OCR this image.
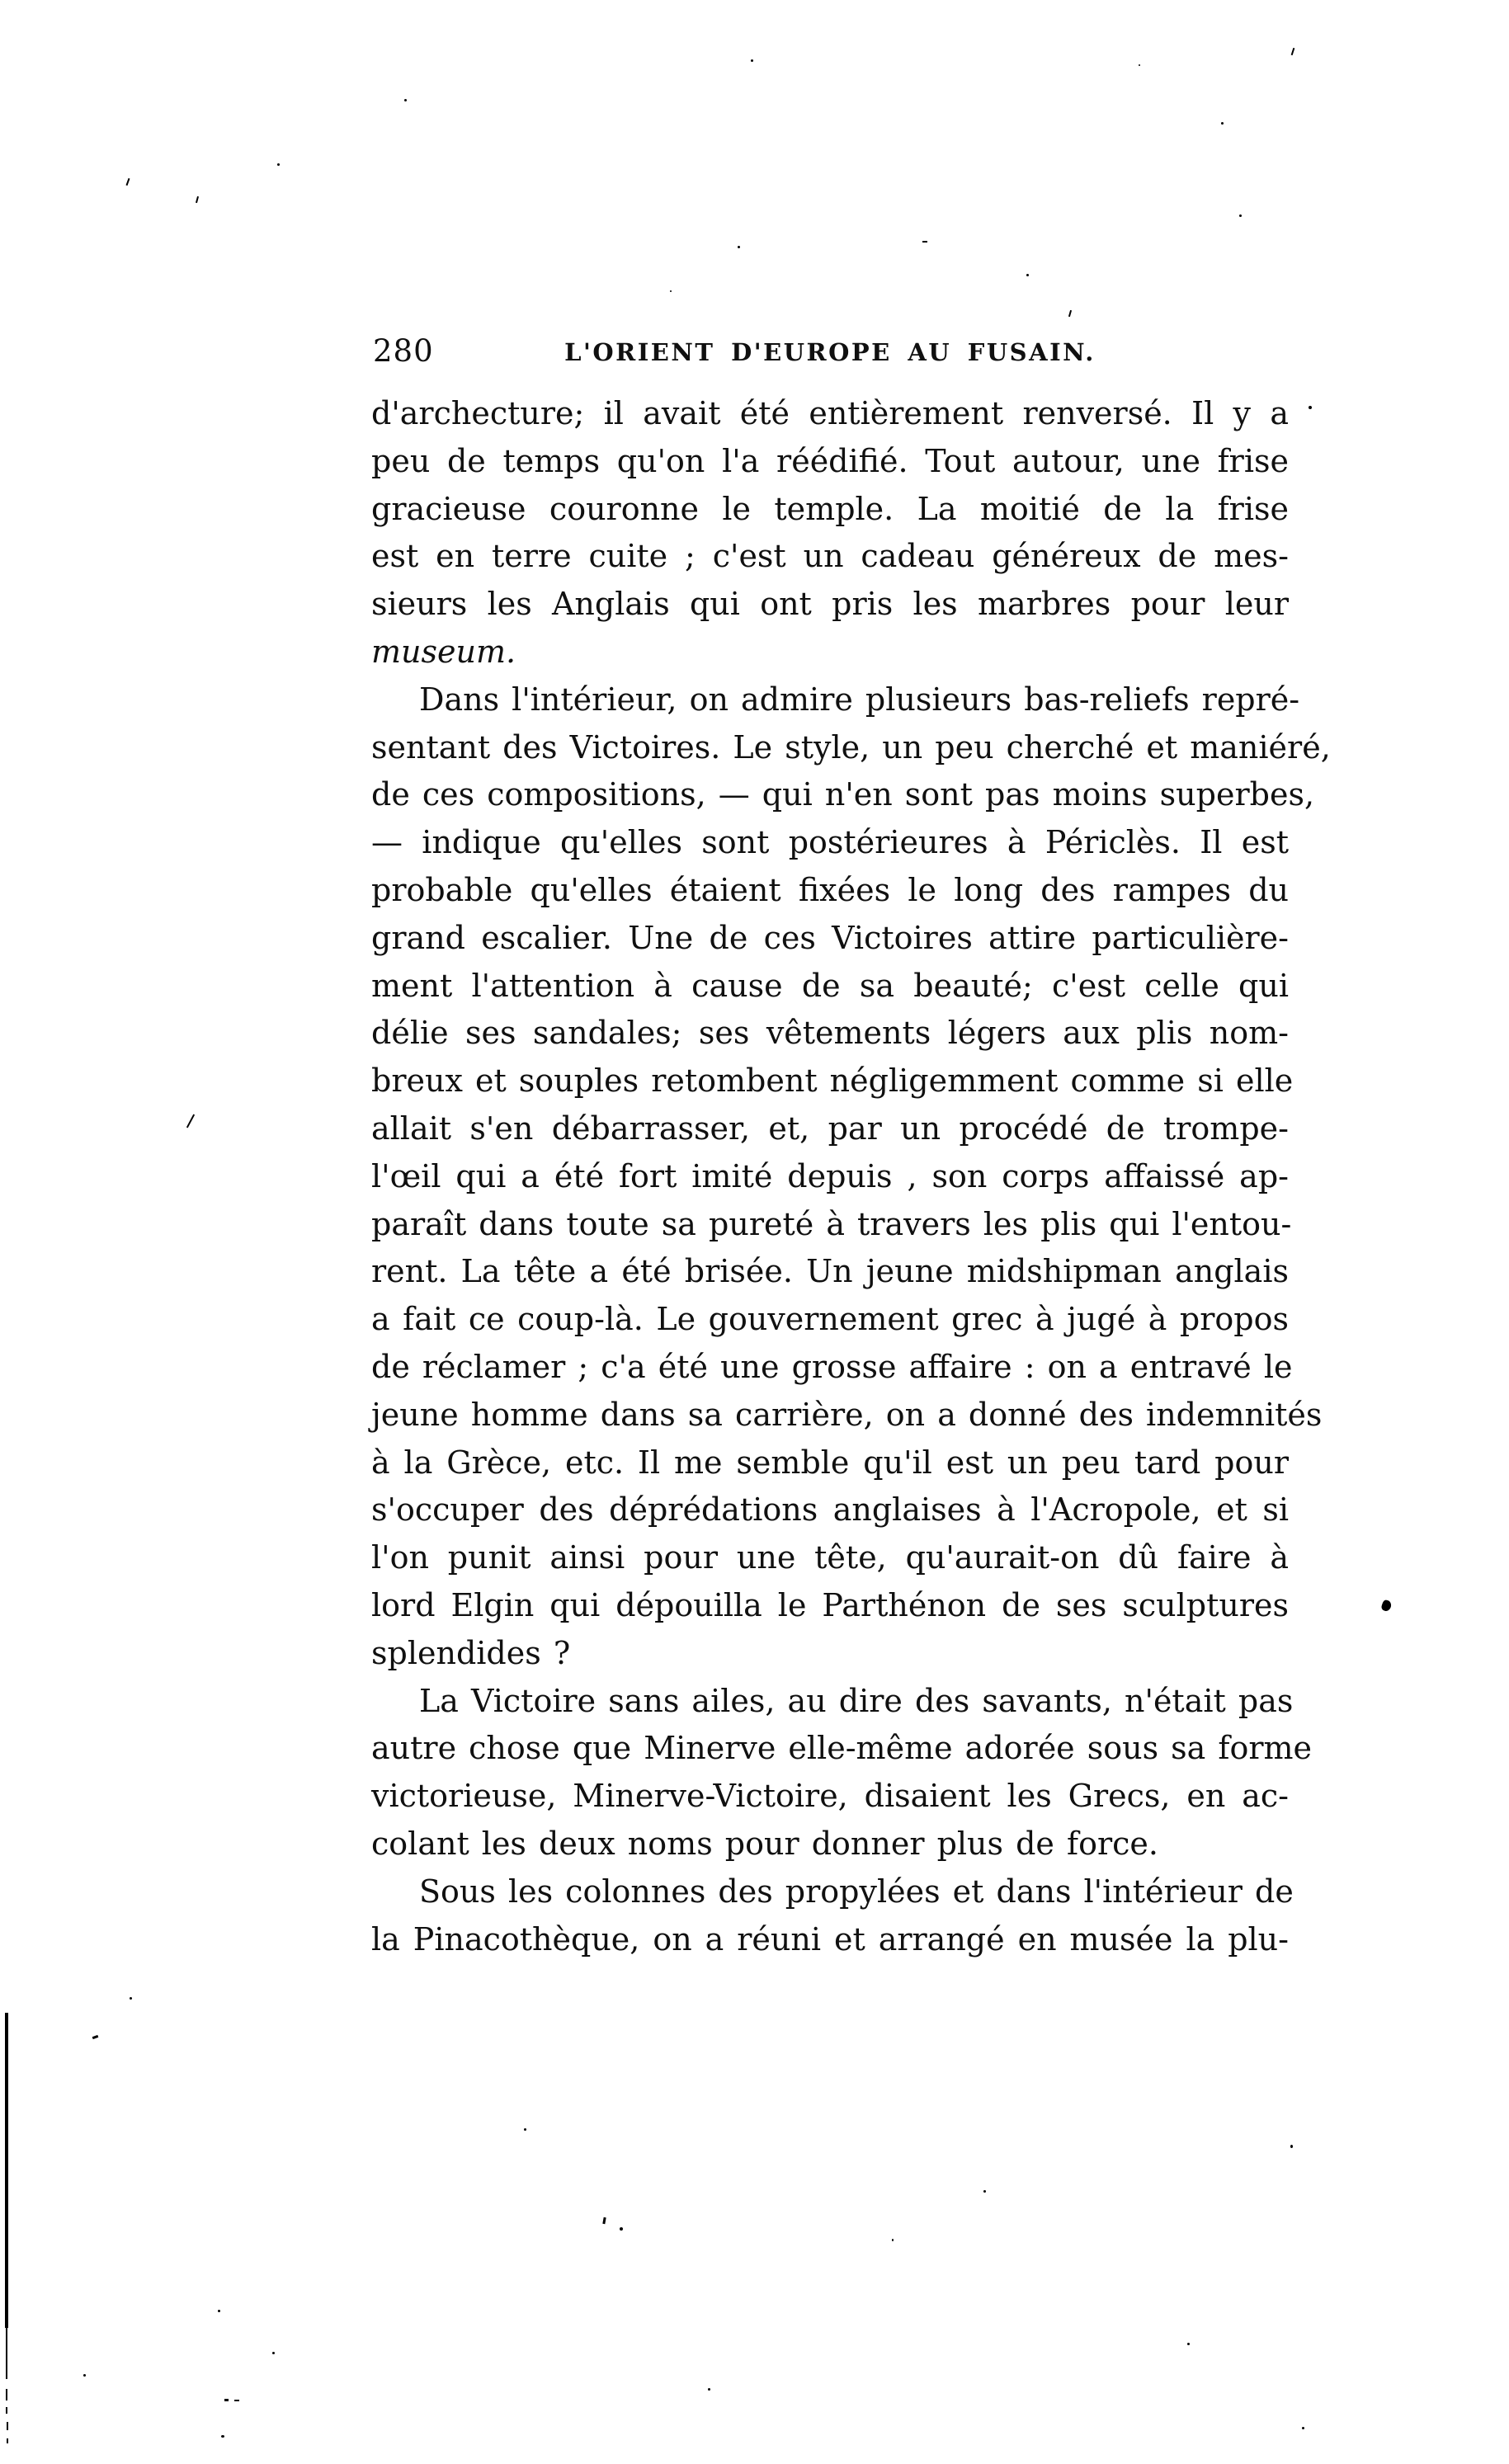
280	L'ORIENT D'EUROPE AU FUSAIN.
d'archecture; il avait été entièrement renversé. Il y a
peu de temps qu'on l'a réédifié. Tout autour, une frise
gracieuse couronne le temple. La moitié de la frise
est en terre cuite ; c'est un cadeau généreux de mes-
sieurs les Anglais qui ont pris les marbres pour leur
museum.
Dans l'intérieur, on admire plusieurs bas-reliefs repré-
sentant des Victoires. Le style, un peu cherché et maniéré,
de ces compositions, — qui n'en sont pas moins superbes,
— indique qu'elles sont postérieures à Périclès. Il est
probable qu'elles étaient fixées le long des rampes du
grand escalier. Une de ces Victoires attire particulière-
ment l'attention à cause de sa beauté; c'est celle qui
délie ses sandales; ses vêtements légers aux plis nom-
breux et souples retombent négligemment comme si elle
allait s'en débarrasser, et, par un procédé de trompe-
l'œil qui a été fort imité depuis , son corps affaissé ap-
paraît dans toute sa pureté à travers les plis qui l'entou-
rent. La tête a été brisée. Un jeune midshipman anglais
a fait ce coup-là. Le gouvernement grec à jugé à propos
de réclamer ; c'a été une grosse affaire : on a entravé le
jeune homme dans sa carrière, on a donné des indemnités
à la Grèce, etc. Il me semble qu'il est un peu tard pour
s'occuper des déprédations anglaises à l'Acropole, et si
l'on punit ainsi pour une tête, qu'aurait-on dû faire à
lord Elgin qui dépouilla le Parthénon de ses sculptures
splendides ?
La Victoire sans ailes, au dire des savants, n'était pas
autre chose que Minerve elle-même adorée sous sa forme
victorieuse, Minerve-Victoire, disaient les Grecs, en ac-
colant les deux noms pour donner plus de force.
Sous les colonnes des propylées et dans l'intérieur de
la Pinacothèque, on a réuni et arrangé en musée la plu-
